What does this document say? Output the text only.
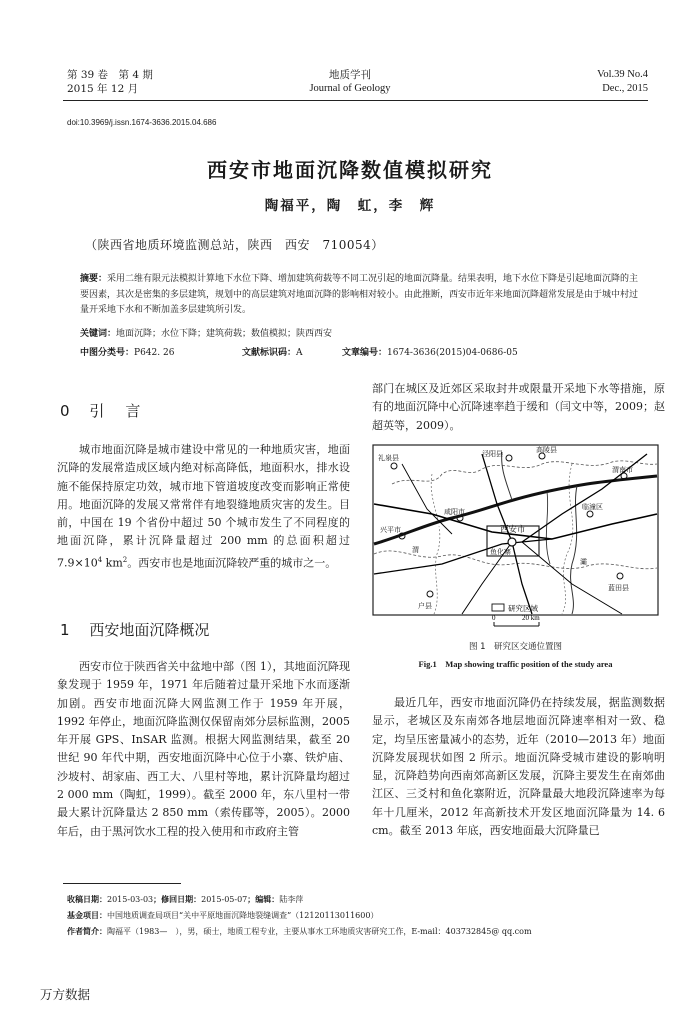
第 39 卷　第 4 期
2015 年 12 月
地质学刊
Journal of Geology
Vol.39 No.4
Dec., 2015
doi:10.3969/j.issn.1674-3636.2015.04.686
西安市地面沉降数值模拟研究
陶福平，陶　虹，李　辉
（陕西省地质环境监测总站，陕西　西安　710054）
摘要：采用二维有限元法模拟计算地下水位下降、增加建筑荷载等不同工况引起的地面沉降量。结果表明，地下水位下降是引起地面沉降的主要因素，其次是密集的多层建筑，规划中的高层建筑对地面沉降的影响相对较小。由此推断，西安市近年来地面沉降超常发展是由于城中村过量开采地下水和不断加盖多层建筑所引发。
关键词：地面沉降；水位下降；建筑荷载；数值模拟；陕西西安
中图分类号：P642. 26	文献标识码：A	文章编号：1674-3636(2015)04-0686-05
0　 引　言
城市地面沉降是城市建设中常见的一种地质灾害，地面沉降的发展常造成区域内绝对标高降低，地面积水，排水设施不能保持原定功效，城市地下管道坡度改变而影响正常使用。地面沉降的发展又常常伴有地裂缝地质灾害的发生。目前，中国在 19 个省份中超过 50 个城市发生了不同程度的地面沉降，累计沉降量超过 200 mm 的总面积超过 $7.9\times 10^4$ $km^2$。西安市也是地面沉降较严重的城市之一。
1　 西安地面沉降概况
西安市位于陕西省关中盆地中部（图 1），其地面沉降现象发现于 1959 年，1971 年后随着过量开采地下水而逐渐加剧。西安市地面沉降大网监测工作于 1959 年开展，1992 年停止，地面沉降监测仅保留南郊分层标监测，2005 年开展 GPS、InSAR 监测。根据大网监测结果，截至 20 世纪 90 年代中期，西安地面沉降中心位于小寨、铁炉庙、沙坡村、胡家庙、西工大、八里村等地，累计沉降量均超过 2 000 mm（陶虹，1999）。截至 2000 年，东八里村一带最大累计沉降量达 2 850 mm（索传郿等，2005）。2000 年后，由于黑河饮水工程的投入使用和市政府主管
部门在城区及近郊区采取封井或限量开采地下水等措施，原有的地面沉降中心沉降速率趋于缓和（闫文中等，2009；赵超英等，2009）。
泾阳县	高陵县
渭南市
礼泉县
咸阳市
临潼区
兴平市	西安市
灞
鱼化寨
蓝田县
户县
渭
研究区域
0	20 km
图 1　研究区交通位置图
Fig.1　Map showing traffic position of the study area
最近几年，西安市地面沉降仍在持续发展，据监测数据显示，老城区及东南郊各地层地面沉降速率相对一致、稳定，均呈压密量减小的态势，近年（2010—2013 年）地面沉降发展现状如图 2 所示。地面沉降受城市建设的影响明显，沉降趋势向西南郊高新区发展，沉降主要发生在南郊曲江区、三爻村和鱼化寨附近，沉降量最大地段沉降速率为每年十几厘米，2012 年高新技术开发区地面沉降量为 14. 6 cm。截至 2013 年底，西安地面最大沉降量已
收稿日期：2015-03-03；修回日期：2015-05-07；编辑：陆李萍
基金项目：中国地质调查局项目“关中平原地面沉降地裂缝调查”（12120113011600）
作者简介：陶福平（1983—　），男，硕士，地质工程专业，主要从事水工环地质灾害研究工作，E-mail：403732845@ qq.com
万方数据
